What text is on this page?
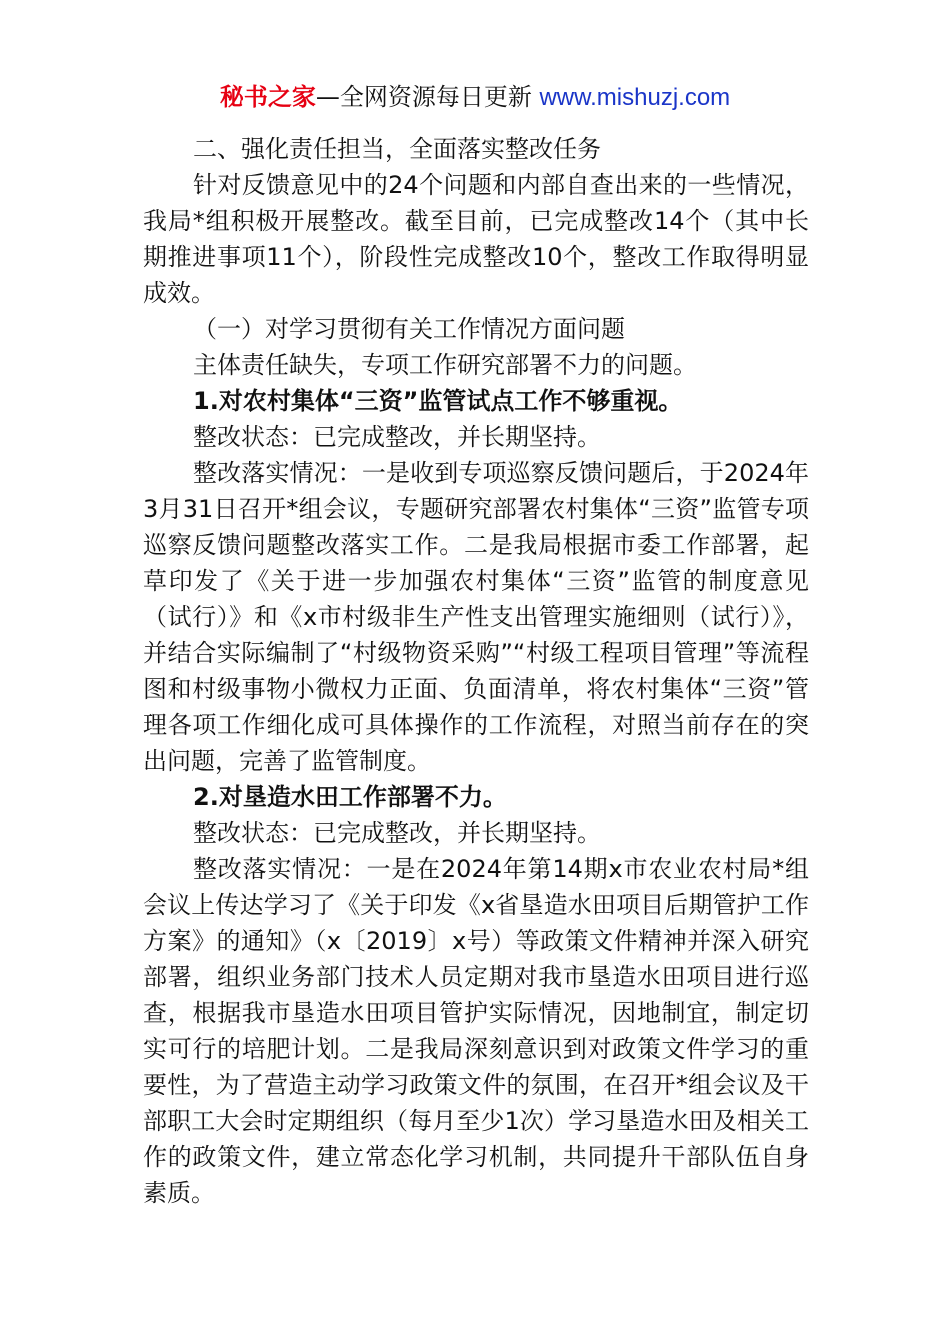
秘书之家—全网资源每日更新 www.mishuzj.com

二、强化责任担当，全面落实整改任务

针对反馈意见中的24个问题和内部自查出来的一些情况，我局*组积极开展整改。截至目前，已完成整改14个（其中长期推进事项11个），阶段性完成整改10个，整改工作取得明显成效。

（一）对学习贯彻有关工作情况方面问题

主体责任缺失，专项工作研究部署不力的问题。

1.对农村集体“三资”监管试点工作不够重视。

整改状态：已完成整改，并长期坚持。

整改落实情况：一是收到专项巡察反馈问题后，于2024年3月31日召开*组会议，专题研究部署农村集体“三资”监管专项巡察反馈问题整改落实工作。二是我局根据市委工作部署，起草印发了《关于进一步加强农村集体“三资”监管的制度意见（试行）》和《x市村级非生产性支出管理实施细则（试行）》，并结合实际编制了“村级物资采购”“村级工程项目管理”等流程图和村级事物小微权力正面、负面清单，将农村集体“三资”管理各项工作细化成可具体操作的工作流程，对照当前存在的突出问题，完善了监管制度。

2.对垦造水田工作部署不力。

整改状态：已完成整改，并长期坚持。

整改落实情况：一是在2024年第14期x市农业农村局*组会议上传达学习了《关于印发《x省垦造水田项目后期管护工作方案》的通知》（x〔2019〕x号）等政策文件精神并深入研究部署，组织业务部门技术人员定期对我市垦造水田项目进行巡查，根据我市垦造水田项目管护实际情况，因地制宜，制定切实可行的培肥计划。二是我局深刻意识到对政策文件学习的重要性，为了营造主动学习政策文件的氛围，在召开*组会议及干部职工大会时定期组织（每月至少1次）学习垦造水田及相关工作的政策文件，建立常态化学习机制，共同提升干部队伍自身素质。
